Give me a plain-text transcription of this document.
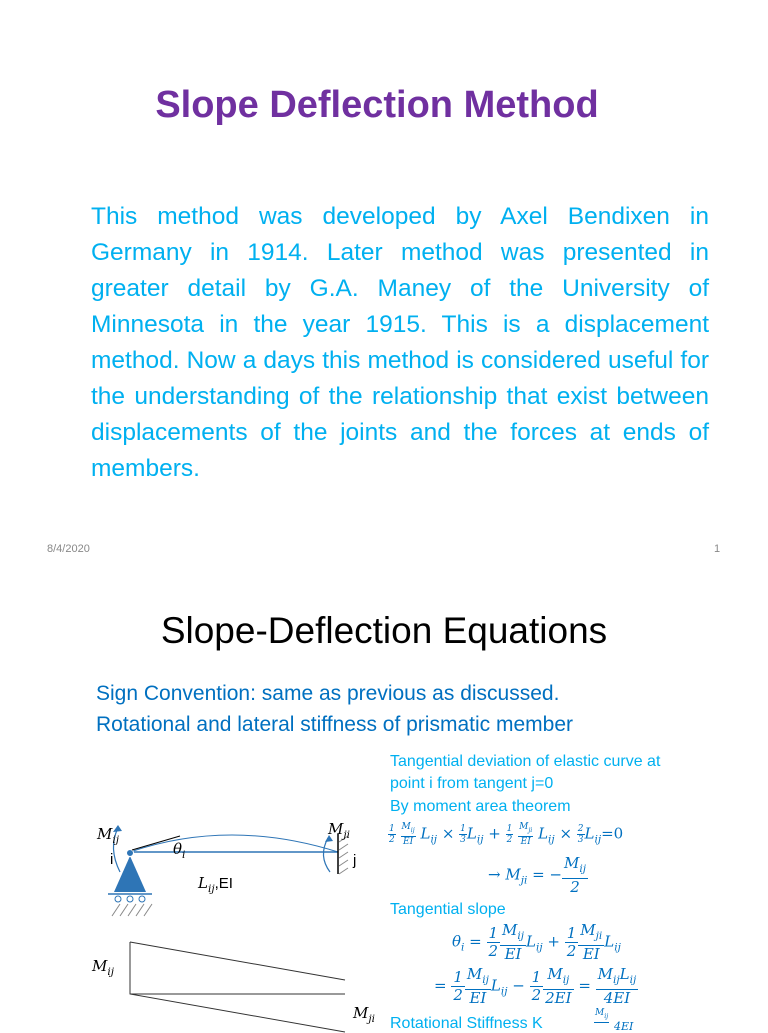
Slope Deflection Method

This method was developed by Axel Bendixen in Germany in 1914. Later method was presented in greater detail by G.A. Maney of the University of Minnesota in the year 1915. This is a displacement method. Now a days this method is considered useful for the understanding of the relationship that exist between displacements of the joints and the forces at ends of members.

8/4/2020	1
Slope-Deflection Equations
Sign Convention: same as previous as discussed.
Rotational and lateral stiffness of prismatic member
Tangential deviation of elastic curve at
point i from tangent j=0
By moment area theorem
$\frac{1}{2}$
$M_{ij}$
EI $L_{ij} \times \frac{1}{3} L_{ij} + \frac{1}{2}$
$M_{ji}$
EI $L_{ij} \times \frac{2}{3} L_{ij}=0$
→ $M_{ji}$ = −
$M_{ij}$
2
Tangential slope
$\theta_i = \frac{1}{2} M_{ij}$
EI
$L_{ij} + \frac{1}{2} M_{ji}$
EI
$L_{ij}$
= $\frac{1}{2} M_{ij}$
EI
$L_{ij} - \frac{1}{2} M_{ij}$
2EI
=
$M_{ij}L_{ij}$
4EI
Rotational Stiffness K
$M_{ij}$

$_{4EI}$
$M_{ij}$
$M_{ji}$
i	j
$\theta_i$
$L_{ij},EI$
$M_{ij}$
$M_{ji}$
